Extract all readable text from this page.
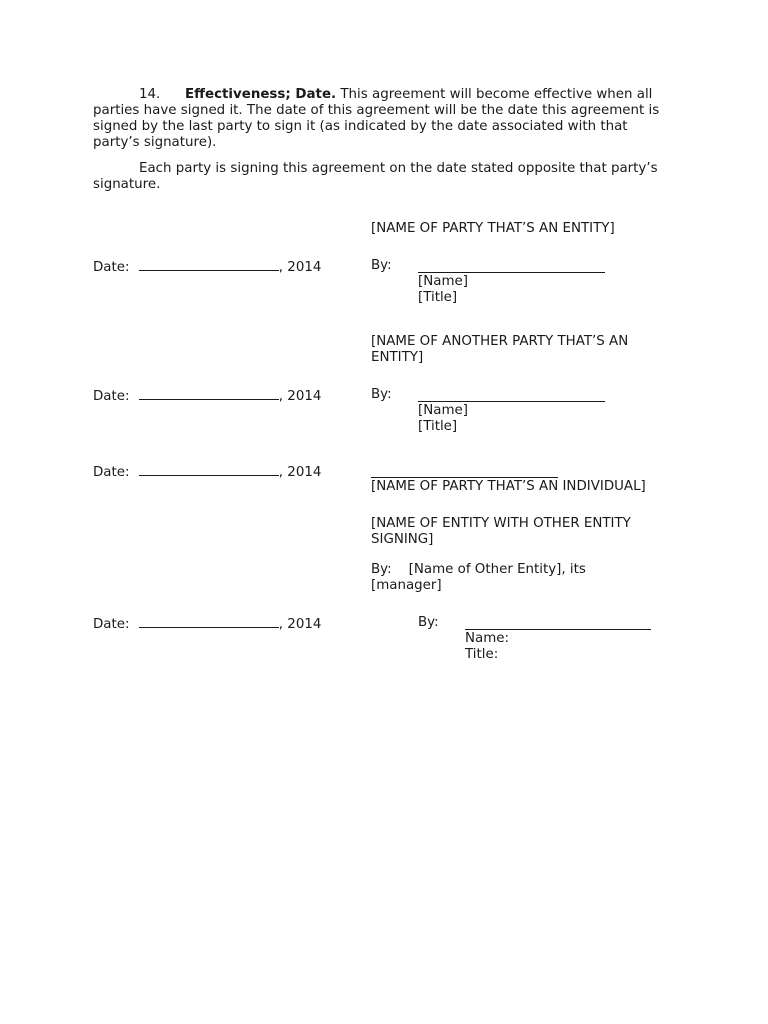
14. Effectiveness; Date. This agreement will become effective when all parties have signed it. The date of this agreement will be the date this agreement is signed by the last party to sign it (as indicated by the date associated with that party’s signature).

Each party is signing this agreement on the date stated opposite that party’s signature.

[NAME OF PARTY THAT’S AN ENTITY]
Date:	, 2014	By:
[Name]
[Title]
[NAME OF ANOTHER PARTY THAT’S AN ENTITY]
Date:	, 2014	By:
[Name]
[Title]
Date:	, 2014
[NAME OF PARTY THAT’S AN INDIVIDUAL]
[NAME OF ENTITY WITH OTHER ENTITY SIGNING]
By: [Name of Other Entity], its [manager]
Date:	, 2014	By:
Name:
Title:
